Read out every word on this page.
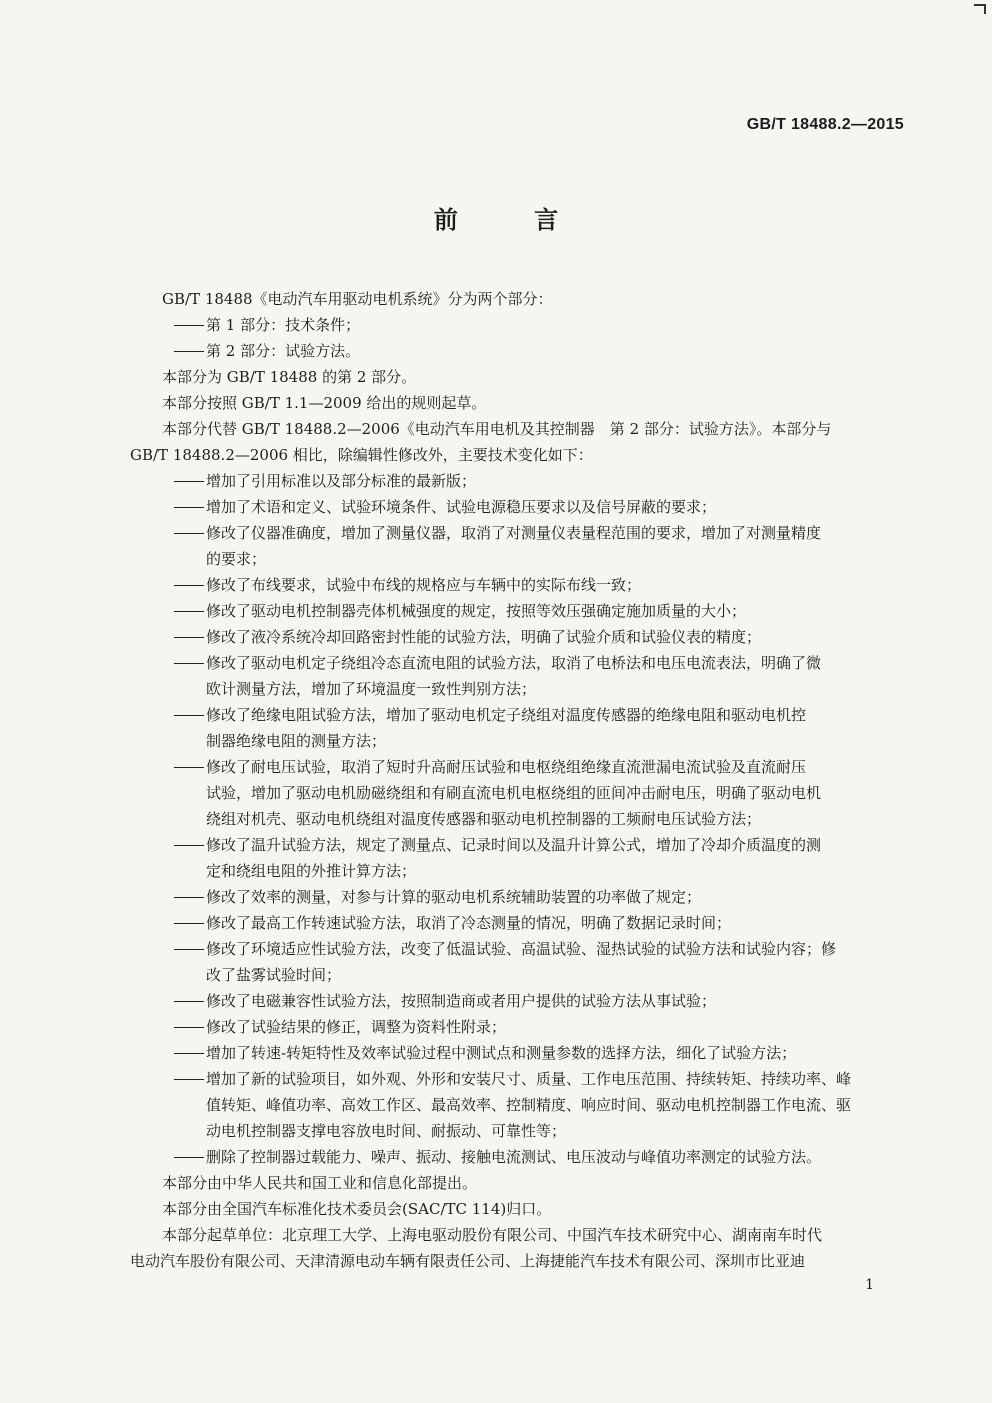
GB/T 18488.2—2015
前 言

GB/T 18488《电动汽车用驱动电机系统》分为两个部分：

第 1 部分：技术条件；

第 2 部分：试验方法。

本部分为 GB/T 18488 的第 2 部分。

本部分按照 GB/T 1.1—2009 给出的规则起草。

本部分代替 GB/T 18488.2—2006《电动汽车用电机及其控制器　第 2 部分：试验方法》。本部分与

GB/T 18488.2—2006 相比，除编辑性修改外，主要技术变化如下：

增加了引用标准以及部分标准的最新版；

增加了术语和定义、试验环境条件、试验电源稳压要求以及信号屏蔽的要求；

修改了仪器准确度，增加了测量仪器，取消了对测量仪表量程范围的要求，增加了对测量精度

的要求；

修改了布线要求，试验中布线的规格应与车辆中的实际布线一致；

修改了驱动电机控制器壳体机械强度的规定，按照等效压强确定施加质量的大小；

修改了液冷系统冷却回路密封性能的试验方法，明确了试验介质和试验仪表的精度；

修改了驱动电机定子绕组冷态直流电阻的试验方法，取消了电桥法和电压电流表法，明确了微

欧计测量方法，增加了环境温度一致性判别方法；

修改了绝缘电阻试验方法，增加了驱动电机定子绕组对温度传感器的绝缘电阻和驱动电机控

制器绝缘电阻的测量方法；

修改了耐电压试验，取消了短时升高耐压试验和电枢绕组绝缘直流泄漏电流试验及直流耐压

试验，增加了驱动电机励磁绕组和有刷直流电机电枢绕组的匝间冲击耐电压，明确了驱动电机

绕组对机壳、驱动电机绕组对温度传感器和驱动电机控制器的工频耐电压试验方法；

修改了温升试验方法，规定了测量点、记录时间以及温升计算公式，增加了冷却介质温度的测

定和绕组电阻的外推计算方法；

修改了效率的测量，对参与计算的驱动电机系统辅助装置的功率做了规定；

修改了最高工作转速试验方法，取消了冷态测量的情况，明确了数据记录时间；

修改了环境适应性试验方法，改变了低温试验、高温试验、湿热试验的试验方法和试验内容；修

改了盐雾试验时间；

修改了电磁兼容性试验方法，按照制造商或者用户提供的试验方法从事试验；

修改了试验结果的修正，调整为资料性附录；

增加了转速-转矩特性及效率试验过程中测试点和测量参数的选择方法，细化了试验方法；

增加了新的试验项目，如外观、外形和安装尺寸、质量、工作电压范围、持续转矩、持续功率、峰

值转矩、峰值功率、高效工作区、最高效率、控制精度、响应时间、驱动电机控制器工作电流、驱

动电机控制器支撑电容放电时间、耐振动、可靠性等；

删除了控制器过载能力、噪声、振动、接触电流测试、电压波动与峰值功率测定的试验方法。

本部分由中华人民共和国工业和信息化部提出。

本部分由全国汽车标准化技术委员会(SAC/TC 114)归口。

本部分起草单位：北京理工大学、上海电驱动股份有限公司、中国汽车技术研究中心、湖南南车时代

电动汽车股份有限公司、天津清源电动车辆有限责任公司、上海捷能汽车技术有限公司、深圳市比亚迪

1
